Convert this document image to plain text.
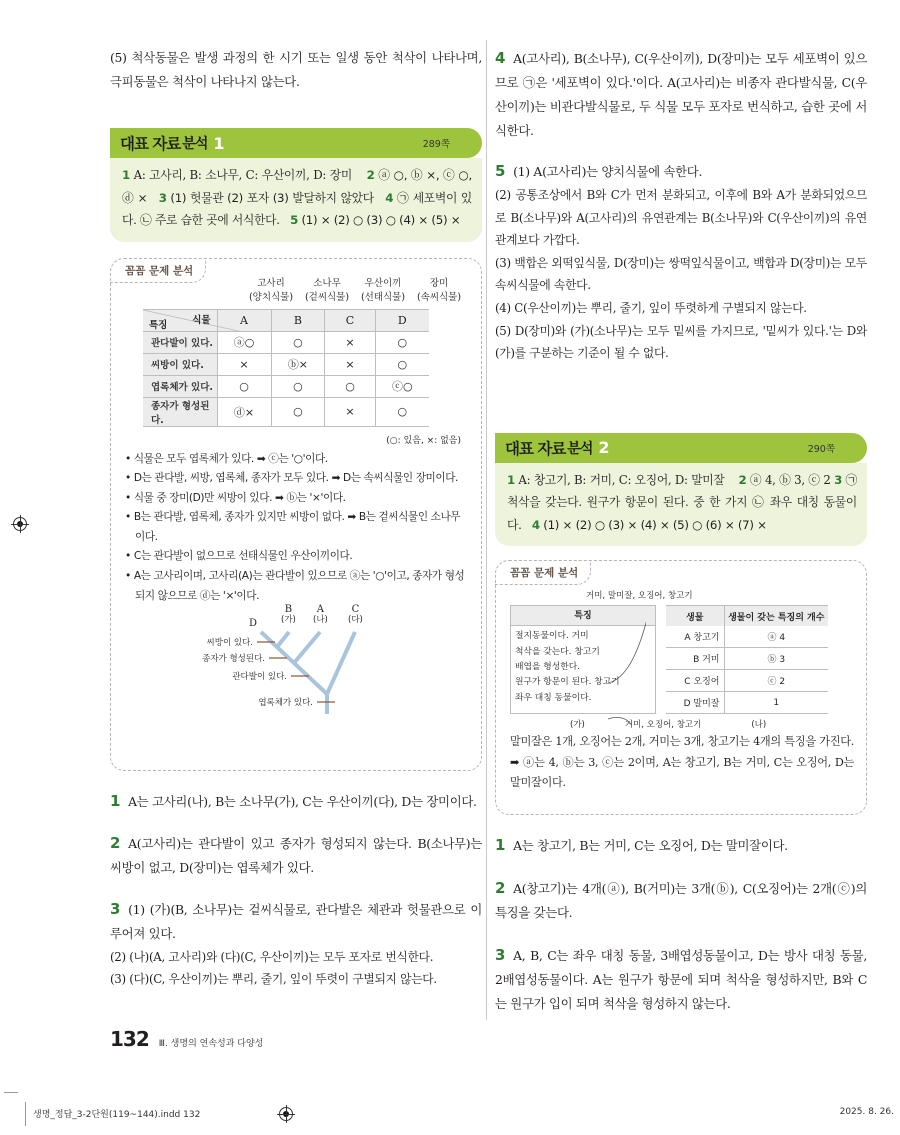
(5) 척삭동물은 발생 과정의 한 시기 또는 일생 동안 척삭이 나타나며, 극피동물은 척삭이 나타나지 않는다.

대표 자료 분석 1	289쪽

1 A: 고사리, B: 소나무, C: 우산이끼, D: 장미 2 ⓐ ○, ⓑ ×, ⓒ ○, ⓓ × 3 (1) 헛물관 (2) 포자 (3) 발달하지 않았다 4 ㉠ 세포벽이 있다. ㉡ 주로 습한 곳에 서식한다. 5 (1) × (2) ○ (3) ○ (4) × (5) ×

꼼꼼 문제 분석
고사리
(양치식물)
소나무
(겉씨식물)
우산이끼
(선태식물)
장미
(속씨식물)
특징 식물	A	B	C	D
관다발이 있다.	ⓐ○	○	×	○
씨방이 있다.	×	ⓑ×	×	○
엽록체가 있다.	○	○	○	ⓒ○
종자가 형성된다.	ⓓ×	○	×	○
(○: 있음, ×: 없음)
• 식물은 모두 엽록체가 있다. ➡ ⓒ는 '○'이다.
• D는 관다발, 씨방, 엽록체, 종자가 모두 있다. ➡ D는 속씨식물인 장미이다.
• 식물 중 장미(D)만 씨방이 있다. ➡ ⓑ는 '×'이다.
• B는 관다발, 엽록체, 종자가 있지만 씨방이 없다. ➡ B는 겉씨식물인 소나무이다.
• C는 관다발이 없으므로 선태식물인 우산이끼이다.
• A는 고사리이며, 고사리(A)는 관다발이 있으므로 ⓐ는 '○'이고, 종자가 형성되지 않으므로 ⓓ는 '×'이다.
D
B
(가)
A
(나)
C
(다)
씨방이 있다.
종자가 형성된다.
관다발이 있다.
엽록체가 있다.

1 A는 고사리(나), B는 소나무(가), C는 우산이끼(다), D는 장미이다.

2 A(고사리)는 관다발이 있고 종자가 형성되지 않는다. B(소나무)는 씨방이 없고, D(장미)는 엽록체가 있다.

3 (1) (가)(B, 소나무)는 겉씨식물로, 관다발은 체관과 헛물관으로 이루어져 있다.

(2) (나)(A, 고사리)와 (다)(C, 우산이끼)는 모두 포자로 번식한다.

(3) (다)(C, 우산이끼)는 뿌리, 줄기, 잎이 뚜렷이 구별되지 않는다.

4 A(고사리), B(소나무), C(우산이끼), D(장미)는 모두 세포벽이 있으므로 ㉠은 '세포벽이 있다.'이다. A(고사리)는 비종자 관다발식물, C(우산이끼)는 비관다발식물로, 두 식물 모두 포자로 번식하고, 습한 곳에 서식한다.

5 (1) A(고사리)는 양치식물에 속한다.

(2) 공통조상에서 B와 C가 먼저 분화되고, 이후에 B와 A가 분화되었으므로 B(소나무)와 A(고사리)의 유연관계는 B(소나무)와 C(우산이끼)의 유연관계보다 가깝다.

(3) 백합은 외떡잎식물, D(장미)는 쌍떡잎식물이고, 백합과 D(장미)는 모두 속씨식물에 속한다.

(4) C(우산이끼)는 뿌리, 줄기, 잎이 뚜렷하게 구별되지 않는다.

(5) D(장미)와 (가)(소나무)는 모두 밑씨를 가지므로, '밑씨가 있다.'는 D와 (가)를 구분하는 기준이 될 수 없다.

대표 자료 분석 2	290쪽

1 A: 창고기, B: 거미, C: 오징어, D: 말미잘 2 ⓐ 4, ⓑ 3, ⓒ 2 3 ㉠ 척삭을 갖는다. 원구가 항문이 된다. 중 한 가지 ㉡ 좌우 대칭 동물이다. 4 (1) × (2) ○ (3) × (4) × (5) ○ (6) × (7) ×

꼼꼼 문제 분석
거미, 말미잘, 오징어, 창고기
특징
절지동물이다. 거미
척삭을 갖는다. 창고기
배엽을 형성한다.
원구가 항문이 된다. 창고기
좌우 대칭 동물이다.
생물	생물이 갖는 특징의 개수
A 창고기	ⓐ 4
B 거미	ⓑ 3
C 오징어	ⓒ 2
D 말미잘	1
(가)	거미, 오징어, 창고기	(나)

말미잘은 1개, 오징어는 2개, 거미는 3개, 창고기는 4개의 특징을 가진다. ➡ ⓐ는 4, ⓑ는 3, ⓒ는 2이며, A는 창고기, B는 거미, C는 오징어, D는 말미잘이다.

1 A는 창고기, B는 거미, C는 오징어, D는 말미잘이다.

2 A(창고기)는 4개(ⓐ), B(거미)는 3개(ⓑ), C(오징어)는 2개(ⓒ)의 특징을 갖는다.

3 A, B, C는 좌우 대칭 동물, 3배엽성동물이고, D는 방사 대칭 동물, 2배엽성동물이다. A는 원구가 항문에 되며 척삭을 형성하지만, B와 C는 원구가 입이 되며 척삭을 형성하지 않는다.

132 Ⅲ. 생명의 연속성과 다양성
생명_정답_3-2단원(119~144).indd 132	2025. 8. 26.
